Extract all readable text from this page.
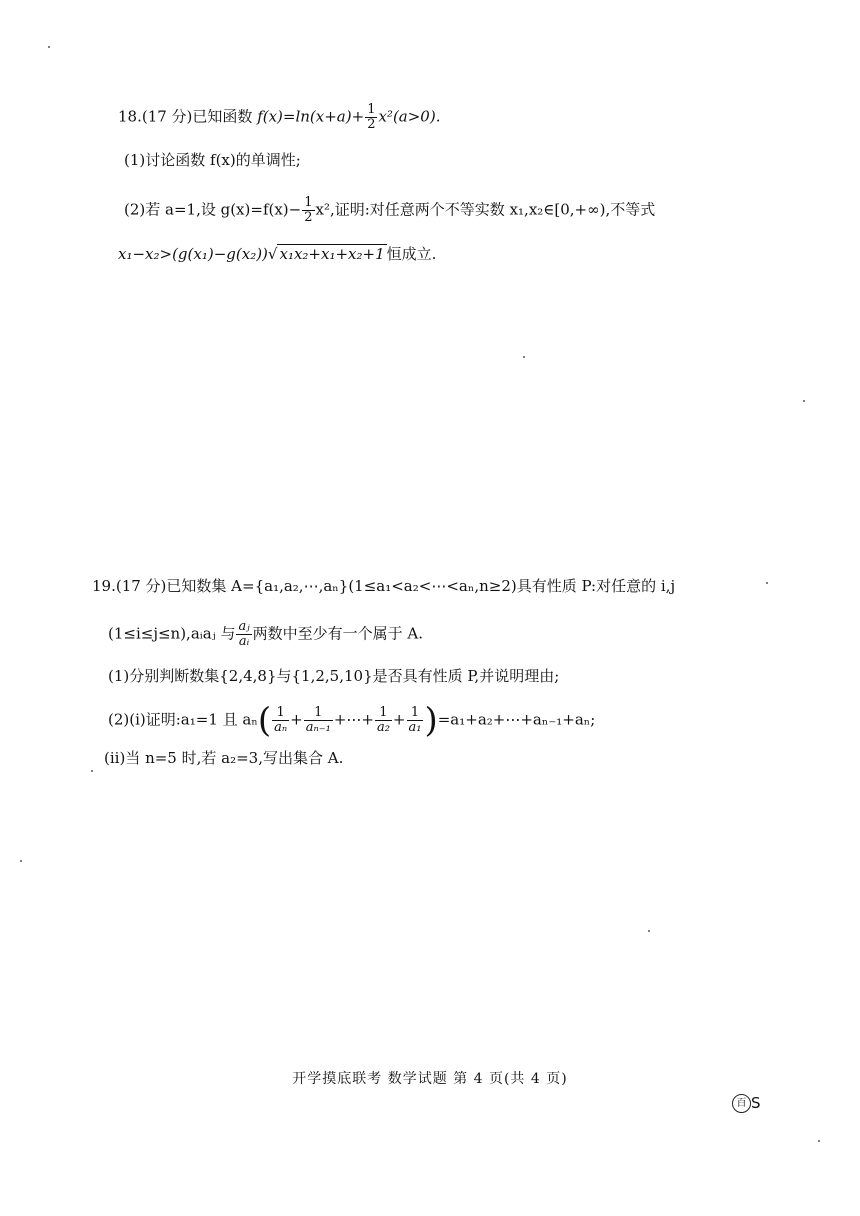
18.(17 分)已知函数 $f(x)=\ln(x+a)+ \frac{1}{2} x^2(a>0)$.
(1)讨论函数 f(x)的单调性;
(2)若 a=1,设 $g(x)=f(x)- \frac{1}{2} x^2$,证明:对任意两个不等实数 x₁,x₂∈[0,+∞),不等式
x₁−x₂>(g(x₁)−g(x₂))√ x₁x₂+x₁+x₂+1 恒成立.
19.(17 分)已知数集 A={a₁,a₂,⋯,aₙ}(1≤a₁<a₂<⋯<aₙ,n≥2)具有性质 P:对任意的 i,j
(1≤i≤j≤n),aᵢaⱼ 与 $\frac{\text{aⱼ}}{\text{aᵢ}}$ 两数中至少有一个属于 A.
(1)分别判断数集{2,4,8}与{1,2,5,10}是否具有性质 P,并说明理由;
(2)(ⅰ)证明:a₁=1 且 $a_n( \frac{1}{\text{aₙ}} + \frac{1}{\text{aₙ₋₁}}$ +⋯+ $\frac{1}{\text{a₂}} + \frac{1}{\text{a₁}}$ )=a₁+a₂+⋯+aₙ₋₁+aₙ;
(ⅱ)当 n=5 时,若 a₂=3,写出集合 A.
开学摸底联考 数学试题 第 4 页(共 4 页)
百 S
